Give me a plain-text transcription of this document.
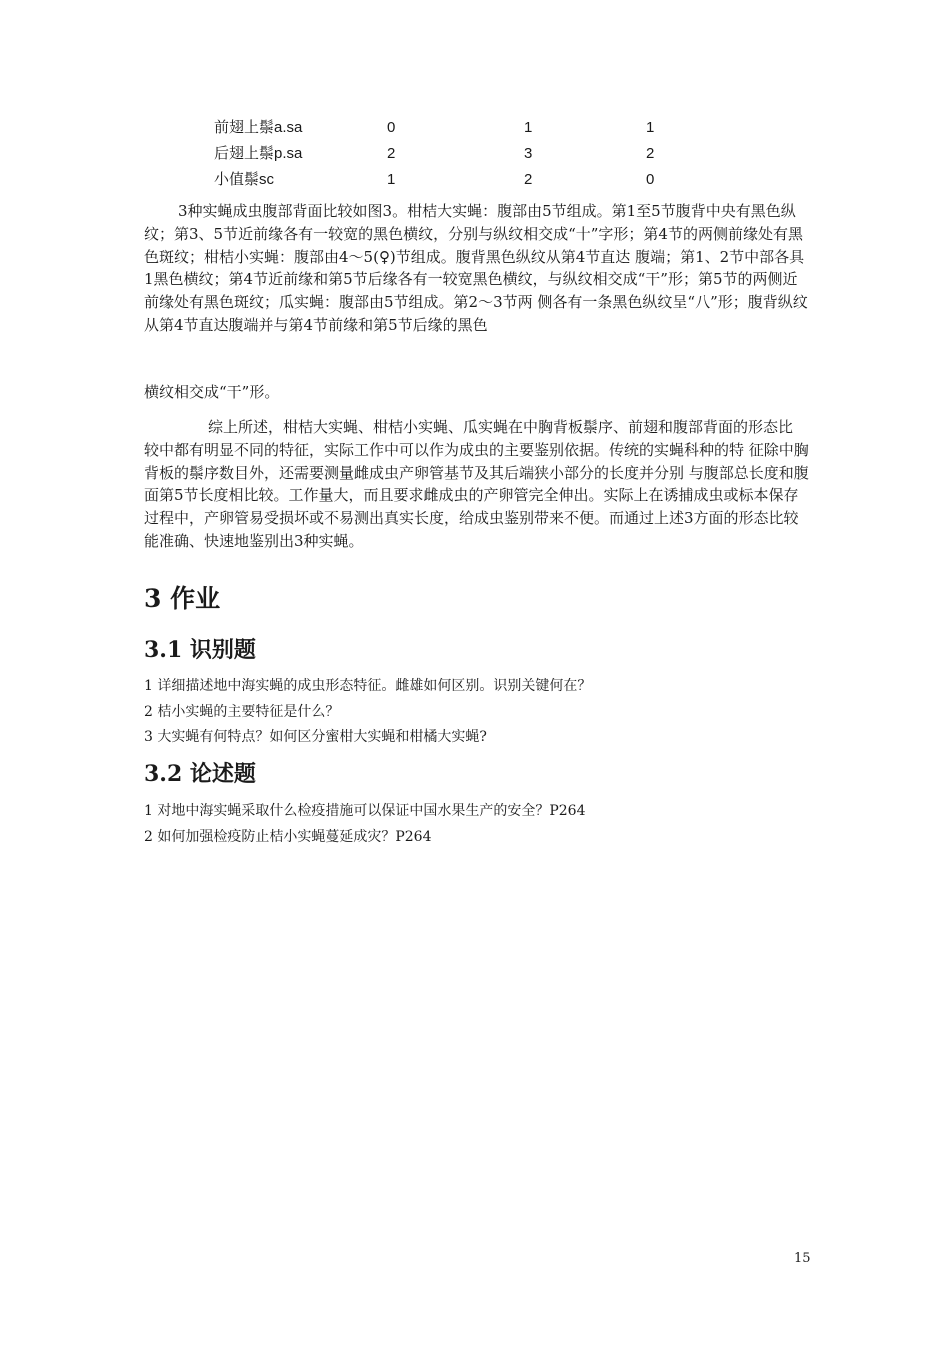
前翅上鬃a.sa	0	1	1
后翅上鬃p.sa	2	3	2
小值鬃sc	1	2	0
3种实蝇成虫腹部背面比较如图3。柑桔大实蝇：腹部由5节组成。第1至5节腹背中央有黑色纵纹；第3、5节近前缘各有一较宽的黑色横纹，分别与纵纹相交成“十”字形；第4节的两侧前缘处有黑色斑纹；柑桔小实蝇：腹部由4～5(♀)节组成。腹背黑色纵纹从第4节直达 腹端；第1、2节中部各具1黑色横纹；第4节近前缘和第5节后缘各有一较宽黑色横纹，与纵纹相交成“干”形；第5节的两侧近前缘处有黑色斑纹；瓜实蝇：腹部由5节组成。第2～3节两 侧各有一条黑色纵纹呈“八”形；腹背纵纹从第4节直达腹端并与第4节前缘和第5节后缘的黑色

横纹相交成“干”形。

综上所述，柑桔大实蝇、柑桔小实蝇、瓜实蝇在中胸背板鬃序、前翅和腹部背面的形态比 较中都有明显不同的特征，实际工作中可以作为成虫的主要鉴别依据。传统的实蝇科种的特 征除中胸背板的鬃序数目外，还需要测量雌成虫产卵管基节及其后端狭小部分的长度并分别 与腹部总长度和腹面第5节长度相比较。工作量大，而且要求雌成虫的产卵管完全伸出。实际上在诱捕成虫或标本保存过程中，产卵管易受损坏或不易测出真实长度，给成虫鉴别带来不便。而通过上述3方面的形态比较能准确、快速地鉴别出3种实蝇。

3 作业
3.1 识别题

1 详细描述地中海实蝇的成虫形态特征。雌雄如何区别。识别关键何在？

2 桔小实蝇的主要特征是什么？

3 大实蝇有何特点？如何区分蜜柑大实蝇和柑橘大实蝇?

3.2 论述题

1 对地中海实蝇采取什么检疫措施可以保证中国水果生产的安全？P264

2 如何加强检疫防止桔小实蝇蔓延成灾？P264

15
